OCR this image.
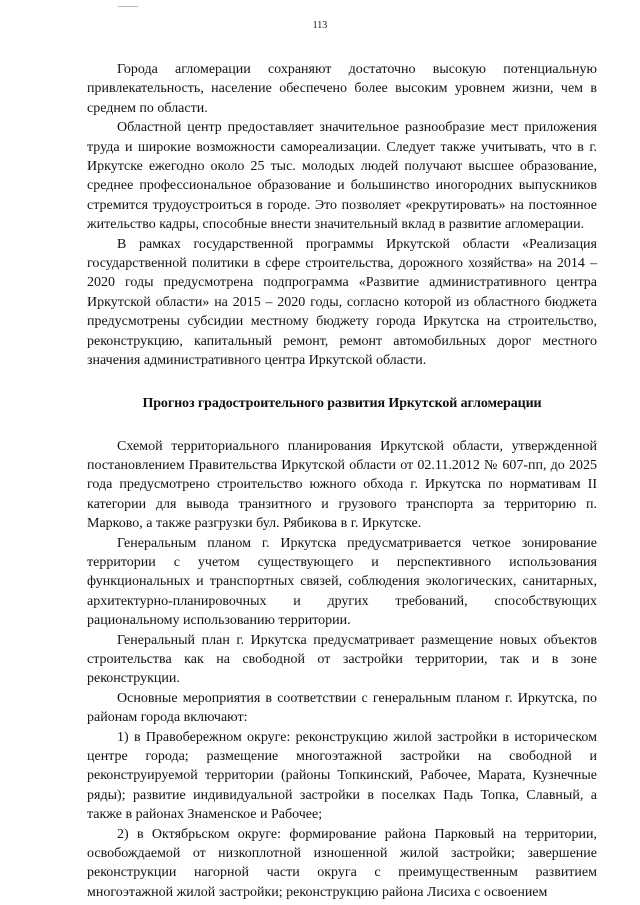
113

Города агломерации сохраняют достаточно высокую потенциальную привлекательность, население обеспечено более высоким уровнем жизни, чем в среднем по области.

Областной центр предоставляет значительное разнообразие мест приложения труда и широкие возможности самореализации. Следует также учитывать, что в г. Иркутске ежегодно около 25 тыс. молодых людей получают высшее образование, среднее профессиональное образование и большинство иногородних выпускников стремится трудоустроиться в городе. Это позволяет «рекрутировать» на постоянное жительство кадры, способные внести значительный вклад в развитие агломерации.

В рамках государственной программы Иркутской области «Реализация государственной политики в сфере строительства, дорожного хозяйства» на 2014 – 2020 годы предусмотрена подпрограмма «Развитие административного центра Иркутской области» на 2015 – 2020 годы, согласно которой из областного бюджета предусмотрены субсидии местному бюджету города Иркутска на строительство, реконструкцию, капитальный ремонт, ремонт автомобильных дорог местного значения административного центра Иркутской области.

Прогноз градостроительного развития Иркутской агломерации

Схемой территориального планирования Иркутской области, утвержденной постановлением Правительства Иркутской области от 02.11.2012 № 607-пп, до 2025 года предусмотрено строительство южного обхода г. Иркутска по нормативам II категории для вывода транзитного и грузового транспорта за территорию п. Марково, а также разгрузки бул. Рябикова в г. Иркутске.

Генеральным планом г. Иркутска предусматривается четкое зонирование территории с учетом существующего и перспективного использования функциональных и транспортных связей, соблюдения экологических, санитарных, архитектурно-планировочных и других требований, способствующих рациональному использованию территории.

Генеральный план г. Иркутска предусматривает размещение новых объектов строительства как на свободной от застройки территории, так и в зоне реконструкции.

Основные мероприятия в соответствии с генеральным планом г. Иркутска, по районам города включают:

1) в Правобережном округе: реконструкцию жилой застройки в историческом центре города; размещение многоэтажной застройки на свободной и реконструируемой территории (районы Топкинский, Рабочее, Марата, Кузнечные ряды); развитие индивидуальной застройки в поселках Падь Топка, Славный, а также в районах Знаменское и Рабочее;

2) в Октябрьском округе: формирование района Парковый на территории, освобождаемой от низкоплотной изношенной жилой застройки; завершение реконструкции нагорной части округа с преимущественным развитием многоэтажной жилой застройки; реконструкцию района Лисиха с освоением
